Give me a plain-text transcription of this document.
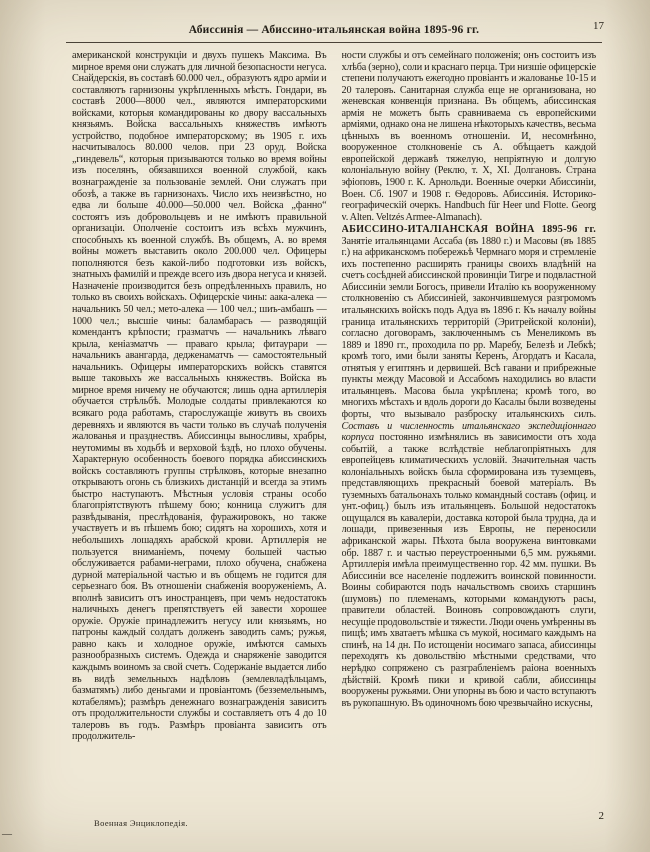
Абиссинія — Абиссино-итальянская война 1895-96 гг.	17

американской конструкціи и двухъ пушекъ Максима. Въ мирное время они служатъ для личной безопасности негуса. Снайдерскія, въ составѣ 60.000 чел., образуютъ ядро арміи и составляютъ гарнизоны укрѣпленныхъ мѣстъ. Гондари, въ составѣ 2000—8000 чел., являются императорскими войсками, которыя командированы ко двору вассальныхъ князьямъ. Войска вассальныхъ княжествъ имѣютъ устройство, подобное императорскому; въ 1905 г. ихъ насчитывалось 80.000 челов. при 23 оруд. Войска „гиндевель“, которыя призываются только во время войны изъ поселянъ, обязавшихся военной службой, какъ вознагражденіе за пользованіе землей. Они служатъ при обозѣ, а также въ гарнизонахъ. Число ихъ неизвѣстно, но едва ли больше 40.000—50.000 чел. Войска „фанно“ состоятъ изъ добровольцевъ и не имѣютъ правильной организаціи. Ополченіе состоитъ изъ всѣхъ мужчинъ, способныхъ къ военной службѣ. Въ общемъ, А. во время войны можетъ выставить около 200.000 чел. Офицеры пополняются безъ какой-либо подготовки изъ войскъ, знатныхъ фамилій и прежде всего изъ двора негуса и князей. Назначеніе производится безъ опредѣленныхъ правилъ, но только въ своихъ войскахъ. Офицерскіе чины: аака-алека — начальникъ 50 чел.; мето-алека — 100 чел.; шиъ-амбашъ — 1000 чел.; высшіе чины: баламбарасъ — разводящій комендантъ крѣпости; гразматчъ — начальникъ лѣваго крыла, кеніазматчъ — праваго крыла; фитаурари — начальникъ авангарда, дедженаматчъ — самостоятельный начальникъ. Офицеры императорскихъ войскъ ставятся выше таковыхъ же вассальныхъ княжествъ. Войска въ мирное время ничему не обучаются; лишь одна артиллерія обучается стрѣльбѣ. Молодые солдаты привлекаются ко всякаго рода работамъ, старослужащіе живутъ въ своихъ деревняхъ и являются въ части только въ случаѣ полученія жалованья и празднествъ. Абиссинцы выносливы, храбры, неутомимы въ ходьбѣ и верховой ѣздѣ, но плохо обучены. Характерную особенность боевого порядка абиссинскихъ войскъ составляютъ группы стрѣлковъ, которые внезапно открываютъ огонь съ близкихъ дистанцій и всегда за этимъ быстро наступаютъ. Мѣстныя условія страны особо благопріятствуютъ пѣшему бою; конница служитъ для развѣдыванія, преслѣдованія, фуражировокъ, но также участвуетъ и въ пѣшемъ бою; сидятъ на хорошихъ, хотя и небольшихъ лошадяхъ арабской крови. Артиллерія не пользуется вниманіемъ, почему большей частью обслуживается рабами-неграми, плохо обучена, снабжена дурной матеріальной частью и въ общемъ не годится для серьезнаго боя. Въ отношеніи снабженія вооруженіемъ, А. вполнѣ зависитъ отъ иностранцевъ, при чемъ недостатокъ наличныхъ денегъ препятствуетъ ей завести хорошее оружіе. Оружіе принадлежитъ негусу или князьямъ, но патроны каждый солдатъ долженъ заводить самъ; ружья, равно какъ и холодное оружіе, имѣются самыхъ разнообразныхъ системъ. Одежда и снаряженіе заводится каждымъ воиномъ за свой счетъ. Содержаніе выдается либо въ видѣ земельныхъ надѣловъ (землевладѣльцамъ, базматямъ) либо деньгами и провіантомъ (безземельнымъ, котабелямъ); размѣръ денежнаго вознагражденія зависитъ отъ продолжительности службы и составляетъ отъ 4 до 10 талеровъ въ годъ. Размѣръ провіанта зависитъ отъ продолжитель-

ности службы и отъ семейнаго положенія; онъ состоитъ изъ хлѣба (зерно), соли и краснаго перца. Три низшіе офицерскіе степени получаютъ ежегодно провіантъ и жалованье 10-15 и 20 талеровъ. Санитарная служба еще не организована, но женевская конвенція признана. Въ общемъ, абиссинская армія не можетъ быть сравниваема съ европейскими арміями, однако она не лишена нѣкоторыхъ качествъ, весьма цѣнныхъ въ военномъ отношеніи. И, несомнѣнно, вооруженное столкновеніе съ А. обѣщаетъ каждой европейской державѣ тяжелую, непріятную и долгую колоніальную войну (Реклю, т. X, XI. Долгановъ. Страна эфіоповъ, 1900 г. К. Арнольди. Военные очерки Абиссиніи, Воен. Сб. 1907 и 1908 г. Ѳедоровъ. Абиссинія. Историко-географическій очеркъ. Handbuch für Heer und Flotte. Georg v. Alten. Veltzés Armee-Almanach).

АБИССИНО-ИТАЛІАНСКАЯ ВОЙНА 1895-96 гг. Занятіе итальянцами Ассаба (въ 1880 г.) и Масовы (въ 1885 г.) на африканскомъ побережьѣ Чермнаго моря и стремленіе ихъ постепенно расширять границы своихъ владѣній на счетъ сосѣдней абиссинской провинціи Тигре и подвластной Абиссиніи земли Богосъ, привели Италію къ вооруженному столкновенію съ Абиссиніей, закончившемуся разгромомъ итальянскихъ войскъ подъ Адуа въ 1896 г. Къ началу войны граница итальянскихъ территорій (Эритрейской колоніи), согласно договорамъ, заключеннымъ съ Менеликомъ въ 1889 и 1890 гг., проходила по рр. Маребу, Белезѣ и Лебкѣ; кромѣ того, ими были заняты Керенъ, Агордатъ и Касала, отнятыя у египтянъ и дервишей. Всѣ гавани и прибрежные пункты между Масовой и Ассабомъ находились во власти итальянцевъ. Масова была укрѣплена; кромѣ того, во многихъ мѣстахъ и вдоль дороги до Касалы были возведены форты, что вызывало разброску итальянскихъ силъ. Составъ и численность итальянскаго экспедиціоннаго корпуса постоянно измѣнялись въ зависимости отъ хода событій, а также вслѣдствіе неблагопріятныхъ для европейцевъ климатическихъ условій. Значительная часть колоніальныхъ войскъ была сформирована изъ туземцевъ, представляющихъ прекрасный боевой матеріалъ. Въ туземныхъ батальонахъ только командный составъ (офиц. и унт.-офиц.) былъ изъ итальянцевъ. Большой недостатокъ ощущался въ кавалеріи, доставка которой была трудна, да и лошади, привезенныя изъ Европы, не переносили африканской жары. Пѣхота была вооружена винтовками обр. 1887 г. и частью переустроенными 6,5 мм. ружьями. Артиллерія имѣла преимущественно гор. 42 мм. пушки. Въ Абиссиніи все населеніе подлежитъ воинской повинности. Воины собираются подъ начальствомъ своихъ старшинъ (шумовъ) по племенамъ, которыми командуютъ расы, правители областей. Воиновъ сопровождаютъ слуги, несущіе продовольствіе и тяжести. Люди очень умѣренны въ пищѣ; имъ хватаетъ мѣшка съ мукой, носимаго каждымъ на спинѣ, на 14 дн. По истощеніи носимаго запаса, абиссинцы переходятъ къ довольствію мѣстными средствами, что нерѣдко сопряжено съ разграбленіемъ раіона военныхъ дѣйствій. Кромѣ пики и кривой сабли, абиссинцы вооружены ружьями. Они упорны въ бою и часто вступаютъ въ рукопашную. Въ одиночномъ бою чрезвычайно искусны,

—
Военная Энциклопедія.
2
